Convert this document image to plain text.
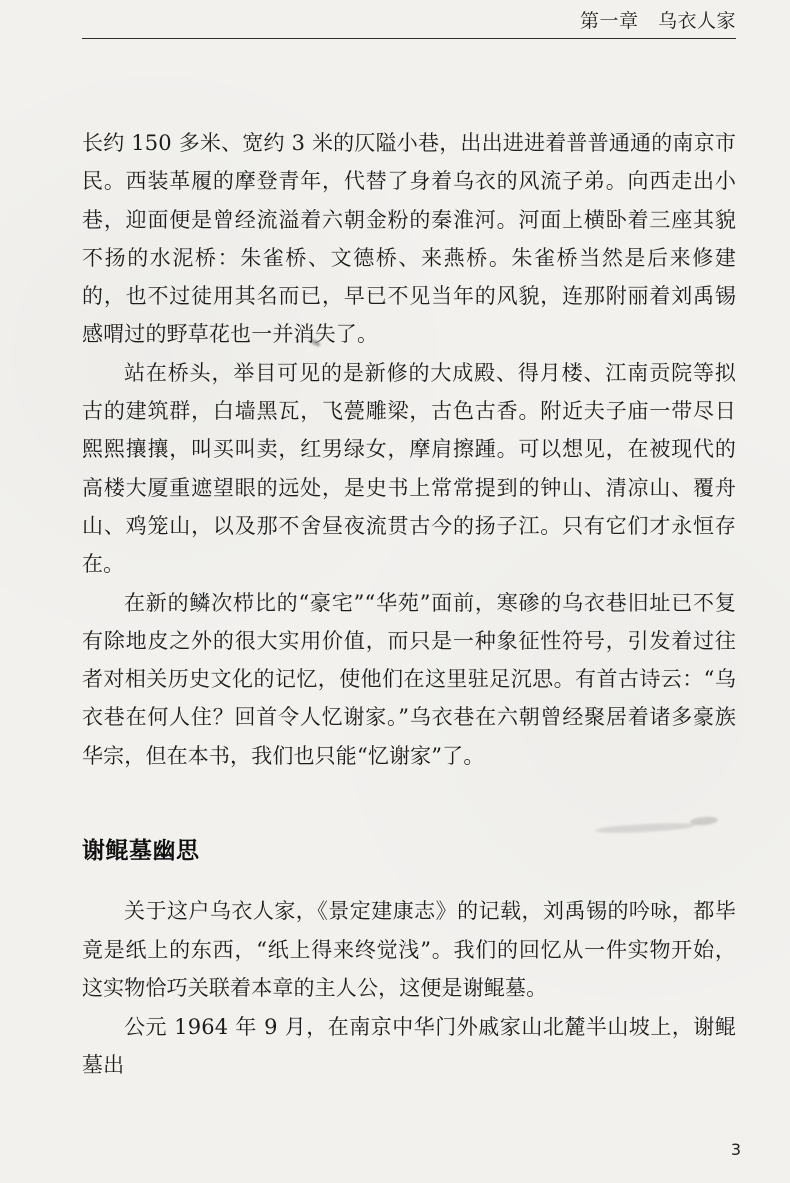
第一章　乌衣人家

长约 150 多米、宽约 3 米的仄隘小巷，出出进进着普普通通的南京市民。西装革履的摩登青年，代替了身着乌衣的风流子弟。向西走出小巷，迎面便是曾经流溢着六朝金粉的秦淮河。河面上横卧着三座其貌不扬的水泥桥：朱雀桥、文德桥、来燕桥。朱雀桥当然是后来修建的，也不过徒用其名而已，早已不见当年的风貌，连那附丽着刘禹锡感喟过的野草花也一并消失了。

站在桥头，举目可见的是新修的大成殿、得月楼、江南贡院等拟古的建筑群，白墙黑瓦，飞甍雕梁，古色古香。附近夫子庙一带尽日熙熙攘攘，叫买叫卖，红男绿女，摩肩擦踵。可以想见，在被现代的高楼大厦重遮望眼的远处，是史书上常常提到的钟山、清凉山、覆舟山、鸡笼山，以及那不舍昼夜流贯古今的扬子江。只有它们才永恒存在。

在新的鳞次栉比的“豪宅”“华苑”面前，寒碜的乌衣巷旧址已不复有除地皮之外的很大实用价值，而只是一种象征性符号，引发着过往者对相关历史文化的记忆，使他们在这里驻足沉思。有首古诗云：“乌衣巷在何人住？回首令人忆谢家。”乌衣巷在六朝曾经聚居着诸多豪族华宗，但在本书，我们也只能“忆谢家”了。

谢鲲墓幽思

关于这户乌衣人家，《景定建康志》的记载，刘禹锡的吟咏，都毕竟是纸上的东西，“纸上得来终觉浅”。我们的回忆从一件实物开始，这实物恰巧关联着本章的主人公，这便是谢鲲墓。

公元 1964 年 9 月，在南京中华门外戚家山北麓半山坡上，谢鲲墓出

3
